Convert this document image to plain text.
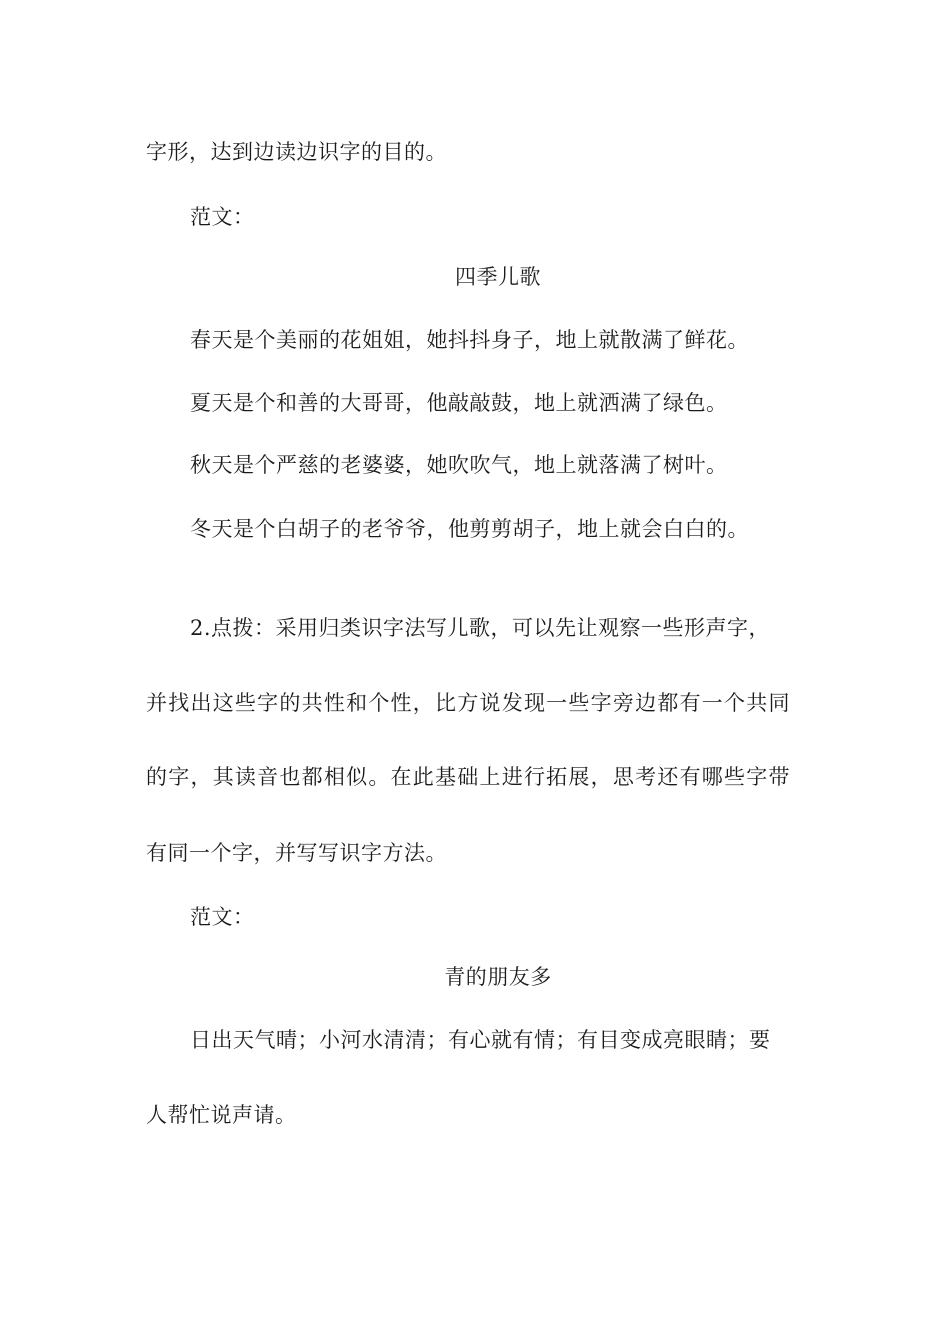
字形，达到边读边识字的目的。
范文：
四季儿歌
春天是个美丽的花姐姐，她抖抖身子，地上就散满了鲜花。
夏天是个和善的大哥哥，他敲敲鼓，地上就洒满了绿色。
秋天是个严慈的老婆婆，她吹吹气，地上就落满了树叶。
冬天是个白胡子的老爷爷，他剪剪胡子，地上就会白白的。
2.点拨：采用归类识字法写儿歌，可以先让观察一些形声字，
并找出这些字的共性和个性，比方说发现一些字旁边都有一个共同
的字，其读音也都相似。在此基础上进行拓展，思考还有哪些字带
有同一个字，并写写识字方法。
范文：
青的朋友多
日出天气晴；小河水清清；有心就有情；有目变成亮眼睛；要
人帮忙说声请。
